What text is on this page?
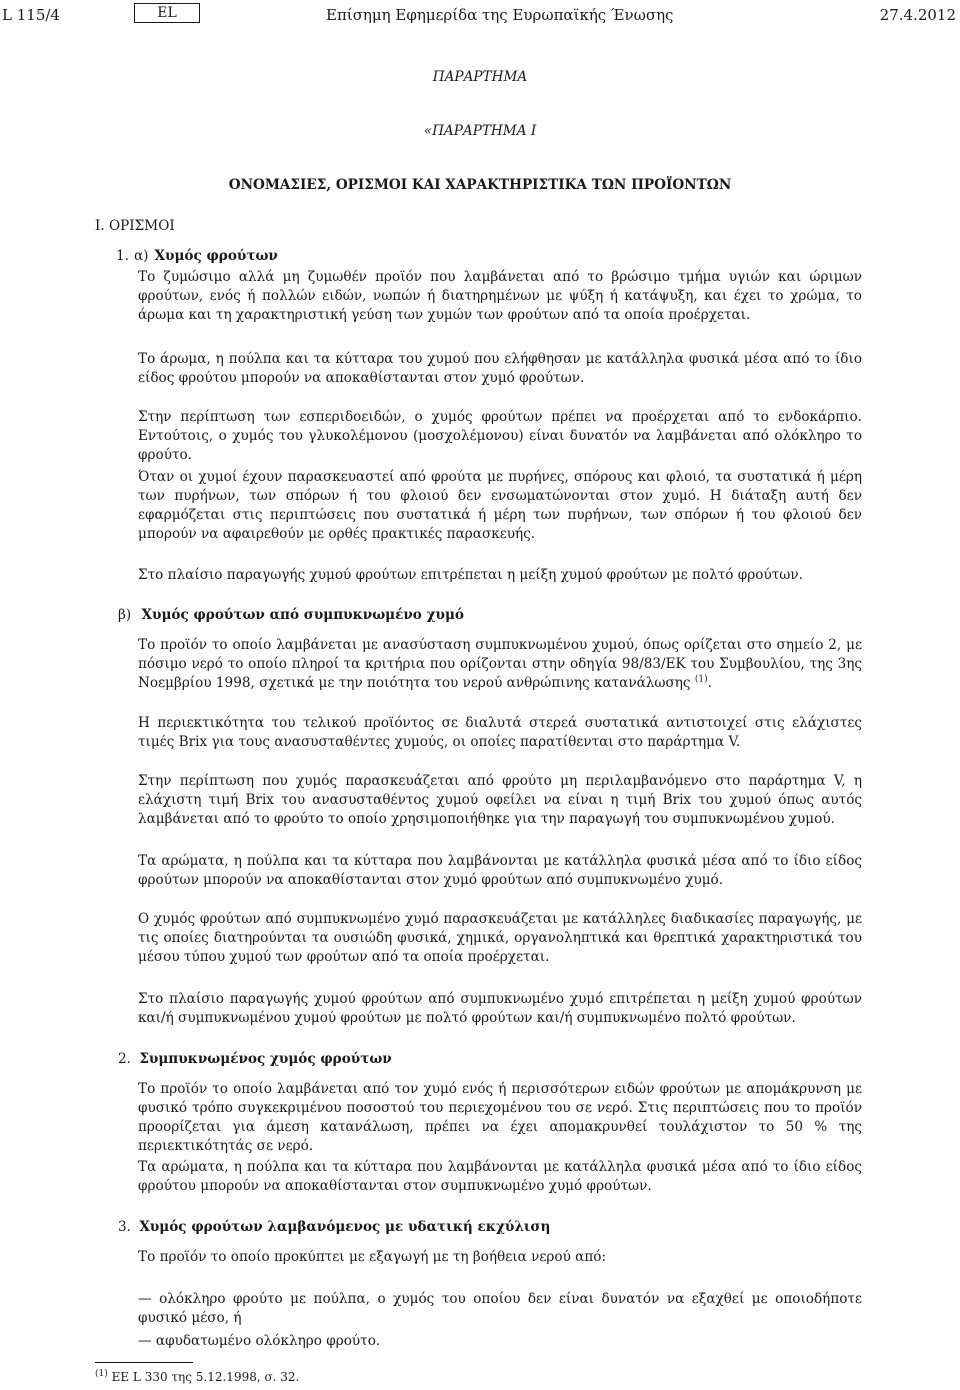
L 115/4	EL	Επίσημη Εφημερίδα της Ευρωπαϊκής Ένωσης	27.4.2012
ΠΑΡΑΡΤΗΜΑ
«ΠΑΡΑΡΤΗΜΑ Ι
ΟΝΟΜΑΣΙΕΣ, ΟΡΙΣΜΟΙ ΚΑΙ ΧΑΡΑΚΤΗΡΙΣΤΙΚΑ ΤΩΝ ΠΡΟΪΟΝΤΩΝ
I. ΟΡΙΣΜΟΙ
1. α) Χυμός φρούτων

Το ζυμώσιμο αλλά μη ζυμωθέν προϊόν που λαμβάνεται από το βρώσιμο τμήμα υγιών και ώριμων φρούτων, ενός ή πολλών ειδών, νωπών ή διατηρημένων με ψύξη ή κατάψυξη, και έχει το χρώμα, το άρωμα και τη χαρακτηριστική γεύση των χυμών των φρούτων από τα οποία προέρχεται.

Το άρωμα, η πούλπα και τα κύτταρα του χυμού που ελήφθησαν με κατάλληλα φυσικά μέσα από το ίδιο είδος φρούτου μπορούν να αποκαθίστανται στον χυμό φρούτων.

Στην περίπτωση των εσπεριδοειδών, ο χυμός φρούτων πρέπει να προέρχεται από το ενδοκάρπιο. Εντούτοις, ο χυμός του γλυκολέμονου (μοσχολέμονου) είναι δυνατόν να λαμβάνεται από ολόκληρο το φρούτο.

Όταν οι χυμοί έχουν παρασκευαστεί από φρούτα με πυρήνες, σπόρους και φλοιό, τα συστατικά ή μέρη των πυρήνων, των σπόρων ή του φλοιού δεν ενσωματώνονται στον χυμό. Η διάταξη αυτή δεν εφαρμόζεται στις περιπτώσεις που συστατικά ή μέρη των πυρήνων, των σπόρων ή του φλοιού δεν μπορούν να αφαιρεθούν με ορθές πρακτικές παρασκευής.

Στο πλαίσιο παραγωγής χυμού φρούτων επιτρέπεται η μείξη χυμού φρούτων με πολτό φρούτων.

β) Χυμός φρούτων από συμπυκνωμένο χυμό

Το προϊόν το οποίο λαμβάνεται με ανασύσταση συμπυκνωμένου χυμού, όπως ορίζεται στο σημείο 2, με πόσιμο νερό το οποίο πληροί τα κριτήρια που ορίζονται στην οδηγία 98/83/ΕΚ του Συμβουλίου, της 3ης Νοεμβρίου 1998, σχετικά με την ποιότητα του νερού ανθρώπινης κατανάλωσης $^{(1)}$.

Η περιεκτικότητα του τελικού προϊόντος σε διαλυτά στερεά συστατικά αντιστοιχεί στις ελάχιστες τιμές Brix για τους ανασυσταθέντες χυμούς, οι οποίες παρατίθενται στο παράρτημα V.

Στην περίπτωση που χυμός παρασκευάζεται από φρούτο μη περιλαμβανόμενο στο παράρτημα V, η ελάχιστη τιμή Brix του ανασυσταθέντος χυμού οφείλει να είναι η τιμή Brix του χυμού όπως αυτός λαμβάνεται από το φρούτο το οποίο χρησιμοποιήθηκε για την παραγωγή του συμπυκνωμένου χυμού.

Τα αρώματα, η πούλπα και τα κύτταρα που λαμβάνονται με κατάλληλα φυσικά μέσα από το ίδιο είδος φρούτων μπορούν να αποκαθίστανται στον χυμό φρούτων από συμπυκνωμένο χυμό.

Ο χυμός φρούτων από συμπυκνωμένο χυμό παρασκευάζεται με κατάλληλες διαδικασίες παραγωγής, με τις οποίες διατηρούνται τα ουσιώδη φυσικά, χημικά, οργανοληπτικά και θρεπτικά χαρακτηριστικά του μέσου τύπου χυμού των φρούτων από τα οποία προέρχεται.

Στο πλαίσιο παραγωγής χυμού φρούτων από συμπυκνωμένο χυμό επιτρέπεται η μείξη χυμού φρούτων και/ή συμπυκνωμένου χυμού φρούτων με πολτό φρούτων και/ή συμπυκνωμένο πολτό φρούτων.

2. Συμπυκνωμένος χυμός φρούτων

Το προϊόν το οποίο λαμβάνεται από τον χυμό ενός ή περισσότερων ειδών φρούτων με απομάκρυνση με φυσικό τρόπο συγκεκριμένου ποσοστού του περιεχομένου του σε νερό. Στις περιπτώσεις που το προϊόν προορίζεται για άμεση κατανάλωση, πρέπει να έχει απομακρυνθεί τουλάχιστον το 50 % της περιεκτικότητάς σε νερό.

Τα αρώματα, η πούλπα και τα κύτταρα που λαμβάνονται με κατάλληλα φυσικά μέσα από το ίδιο είδος φρούτου μπορούν να αποκαθίστανται στον συμπυκνωμένο χυμό φρούτων.

3. Χυμός φρούτων λαμβανόμενος με υδατική εκχύλιση

Το προϊόν το οποίο προκύπτει με εξαγωγή με τη βοήθεια νερού από:

— ολόκληρο φρούτο με πούλπα, ο χυμός του οποίου δεν είναι δυνατόν να εξαχθεί με οποιοδήποτε φυσικό μέσο, ή
— αφυδατωμένο ολόκληρο φρούτο.
$^{(1)}$ ΕΕ L 330 της 5.12.1998, σ. 32.
